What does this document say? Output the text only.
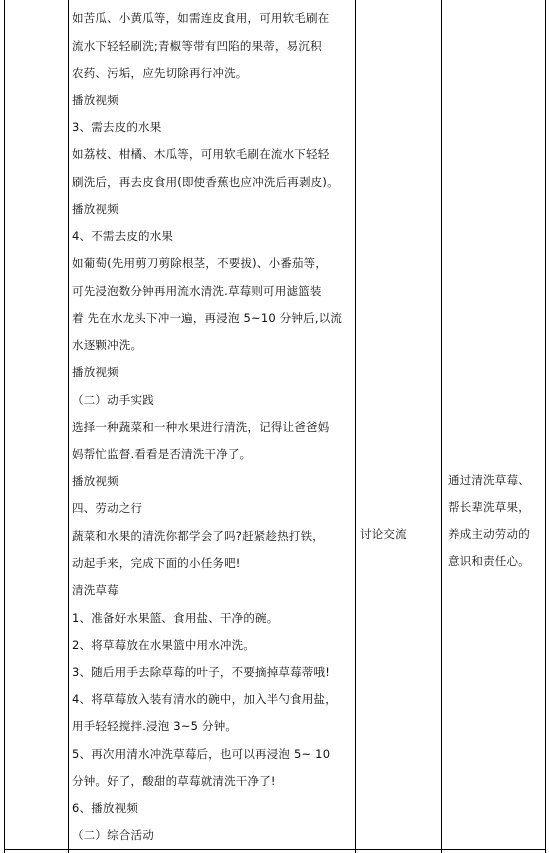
如苦瓜、小黄瓜等，如需连皮食用，可用软毛刷在
流水下轻轻刷洗;青椒等带有凹陷的果蒂，易沉积
农药、污垢，应先切除再行冲洗。
播放视频
3、需去皮的水果
如荔枝、柑橘、木瓜等，可用软毛刷在流水下轻轻
刷洗后，再去皮食用(即使香蕉也应冲洗后再剥皮)。
播放视频
4、不需去皮的水果
如葡萄(先用剪刀剪除根茎，不要拔)、小番茄等，
可先浸泡数分钟再用流水清洗.草莓则可用滤篮装
着 先在水龙头下冲一遍，再浸泡 5~10 分钟后,以流
水逐颗冲洗。
播放视频
（二）动手实践
选择一种蔬菜和一种水果进行清洗，记得让爸爸妈
妈帮忙监督.看看是否清洗干净了。
播放视频
四、劳动之行
蔬菜和水果的清洗你都学会了吗?赶紧趁热打铁，
动起手来，完成下面的小任务吧!
清洗草莓
1、准备好水果篮、食用盐、干净的碗。
2、将草莓放在水果篮中用水冲洗。
3、随后用手去除草莓的叶子，不要摘掉草莓蒂哦!
4、将草莓放入装有清水的碗中，加入半勺食用盐，
用手轻轻搅拌.浸泡 3~5 分钟。
5、再次用清水冲洗草莓后，也可以再浸泡 5~ 10
分钟。好了，酸甜的草莓就清洗干净了!
6、播放视频
（二）综合活动
讨论交流
通过清洗草莓、
帮长辈洗草果，
养成主动劳动的
意识和责任心。
